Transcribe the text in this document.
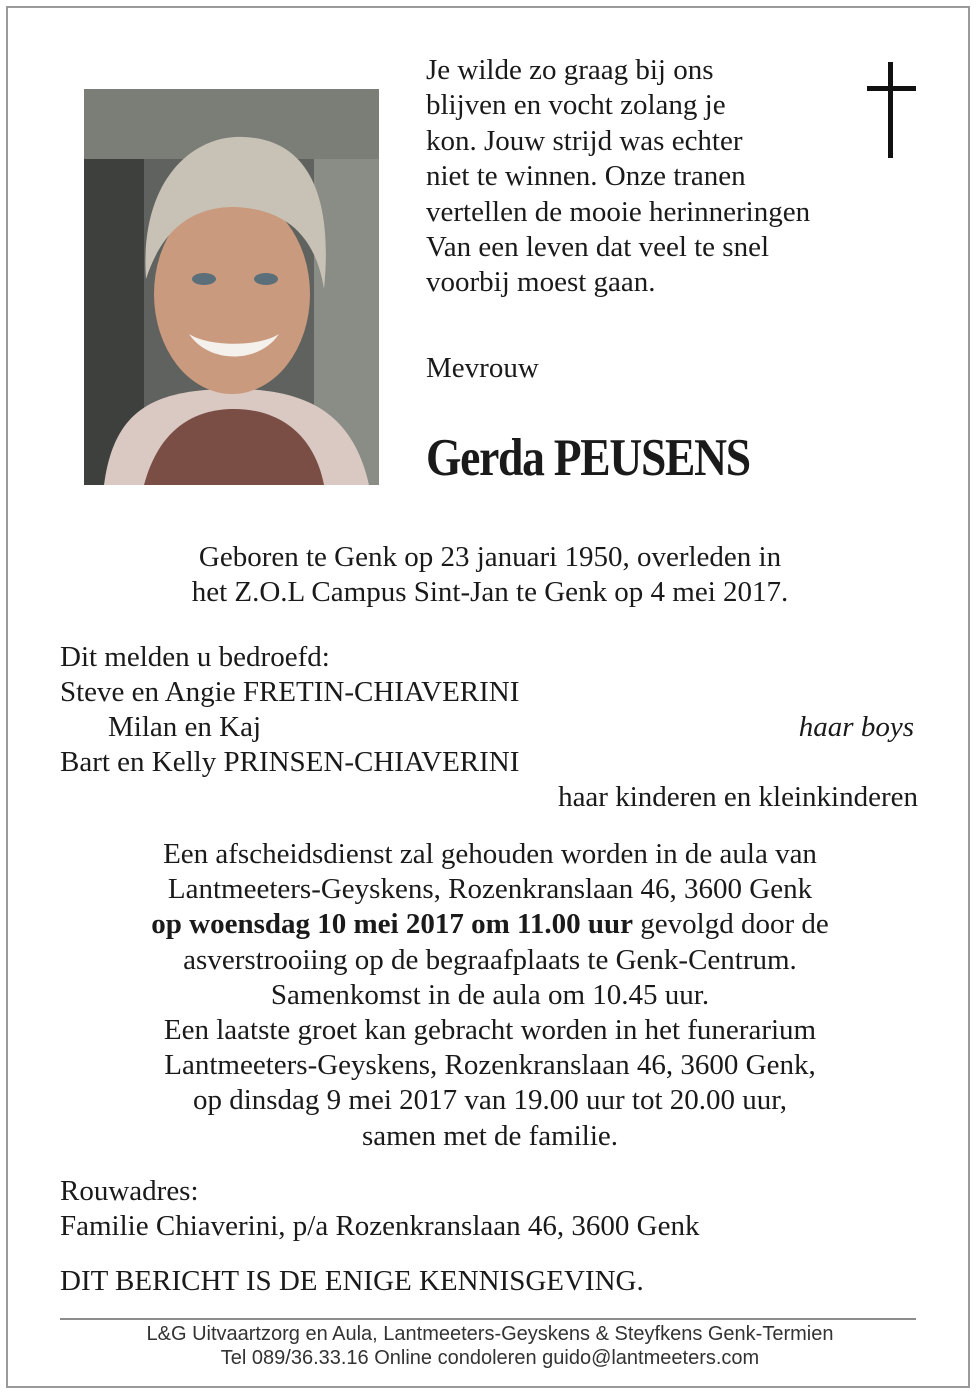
Je wilde zo graag bij ons
blijven en vocht zolang je
kon. Jouw strijd was echter
niet te winnen. Onze tranen
vertellen de mooie herinneringen
Van een leven dat veel te snel
voorbij moest gaan.
Mevrouw
Gerda PEUSENS
Geboren te Genk op 23 januari 1950, overleden in
het Z.O.L Campus Sint-Jan te Genk op 4 mei 2017.
Dit melden u bedroefd:
Steve en Angie FRETIN-CHIAVERINI
Milan en Kaj	haar boys
Bart en Kelly PRINSEN-CHIAVERINI
haar kinderen en kleinkinderen
Een afscheidsdienst zal gehouden worden in de aula van
Lantmeeters-Geyskens, Rozenkranslaan 46, 3600 Genk
op woensdag 10 mei 2017 om 11.00 uur gevolgd door de
asverstrooiing op de begraafplaats te Genk-Centrum.
Samenkomst in de aula om 10.45 uur.
Een laatste groet kan gebracht worden in het funerarium
Lantmeeters-Geyskens, Rozenkranslaan 46, 3600 Genk,
op dinsdag 9 mei 2017 van 19.00 uur tot 20.00 uur,
samen met de familie.
Rouwadres:
Familie Chiaverini, p/a Rozenkranslaan 46, 3600 Genk
DIT BERICHT IS DE ENIGE KENNISGEVING.
L&G Uitvaartzorg en Aula, Lantmeeters-Geyskens & Steyfkens Genk-Termien
Tel 089/36.33.16 Online condoleren guido@lantmeeters.com
